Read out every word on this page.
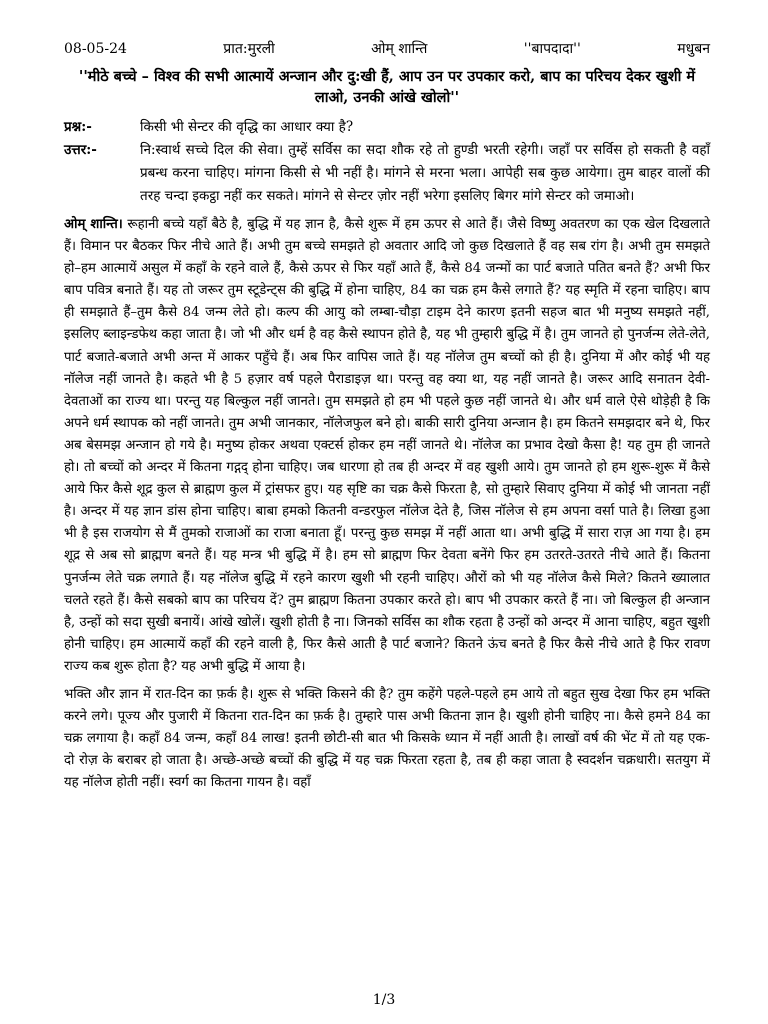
08-05-24	प्रात:मुरली	ओम् शान्ति	''बापदादा''	मधुबन
''मीठे बच्चे – विश्व की सभी आत्मायें अन्जान और दु:खी हैं, आप उन पर उपकार करो, बाप का परिचय देकर खुशी में लाओ, उनकी आंखे खोलो''
प्रश्न:-	किसी भी सेन्टर की वृद्धि का आधार क्या है?
उत्तर:-	नि:स्वार्थ सच्चे दिल की सेवा। तुम्हें सर्विस का सदा शौक रहे तो हुण्डी भरती रहेगी। जहाँ पर सर्विस हो सकती है वहाँ प्रबन्ध करना चाहिए। मांगना किसी से भी नहीं है। मांगने से मरना भला। आपेही सब कुछ आयेगा। तुम बाहर वालों की तरह चन्दा इकट्ठा नहीं कर सकते। मांगने से सेन्टर ज़ोर नहीं भरेगा इसलिए बिगर मांगे सेन्टर को जमाओ।
ओम् शान्ति। रूहानी बच्चे यहाँ बैठे है, बुद्धि में यह ज्ञान है, कैसे शुरू में हम ऊपर से आते हैं। जैसे विष्णु अवतरण का एक खेल दिखलाते हैं। विमान पर बैठकर फिर नीचे आते हैं। अभी तुम बच्चे समझते हो अवतार आदि जो कुछ दिखलाते हैं वह सब रांग है। अभी तुम समझते हो–हम आत्मायें असुल में कहाँ के रहने वाले हैं, कैसे ऊपर से फिर यहाँ आते हैं, कैसे 84 जन्मों का पार्ट बजाते पतित बनते हैं? अभी फिर बाप पवित्र बनाते हैं। यह तो जरूर तुम स्टूडेन्ट्स की बुद्धि में होना चाहिए, 84 का चक्र हम कैसे लगाते हैं? यह स्मृति में रहना चाहिए। बाप ही समझाते हैं–तुम कैसे 84 जन्म लेते हो। कल्प की आयु को लम्बा-चौड़ा टाइम देने कारण इतनी सहज बात भी मनुष्य समझते नहीं, इसलिए ब्लाइन्डफेथ कहा जाता है। जो भी और धर्म है वह कैसे स्थापन होते है, यह भी तुम्हारी बुद्धि में है। तुम जानते हो पुनर्जन्म लेते-लेते, पार्ट बजाते-बजाते अभी अन्त में आकर पहुँचे हैं। अब फिर वापिस जाते हैं। यह नॉलेज तुम बच्चों को ही है। दुनिया में और कोई भी यह नॉलेज नहीं जानते है। कहते भी है 5 हज़ार वर्ष पहले पैराडाइज़ था। परन्तु वह क्या था, यह नहीं जानते है। जरूर आदि सनातन देवी-देवताओं का राज्य था। परन्तु यह बिल्कुल नहीं जानते। तुम समझते हो हम भी पहले कुछ नहीं जानते थे। और धर्म वाले ऐसे थोड़ेही है कि अपने धर्म स्थापक को नहीं जानते। तुम अभी जानकार, नॉलेजफुल बने हो। बाकी सारी दुनिया अन्जान है। हम कितने समझदार बने थे, फिर अब बेसमझ अन्जान हो गये है। मनुष्य होकर अथवा एक्टर्स होकर हम नहीं जानते थे। नॉलेज का प्रभाव देखो कैसा है! यह तुम ही जानते हो। तो बच्चों को अन्दर में कितना गद्गद् होना चाहिए। जब धारणा हो तब ही अन्दर में वह खुशी आये। तुम जानते हो हम शुरू-शुरू में कैसे आये फिर कैसे शूद्र कुल से ब्राह्मण कुल में ट्रांसफर हुए। यह सृष्टि का चक्र कैसे फिरता है, सो तुम्हारे सिवाए दुनिया में कोई भी जानता नहीं है। अन्दर में यह ज्ञान डांस होना चाहिए। बाबा हमको कितनी वन्डरफुल नॉलेज देते है, जिस नॉलेज से हम अपना वर्सा पाते है। लिखा हुआ भी है इस राजयोग से मैं तुमको राजाओं का राजा बनाता हूँ। परन्तु कुछ समझ में नहीं आता था। अभी बुद्धि में सारा राज़ आ गया है। हम शूद्र से अब सो ब्राह्मण बनते हैं। यह मन्त्र भी बुद्धि में है। हम सो ब्राह्मण फिर देवता बनेंगे फिर हम उतरते-उतरते नीचे आते हैं। कितना पुनर्जन्म लेते चक्र लगाते हैं। यह नॉलेज बुद्धि में रहने कारण खुशी भी रहनी चाहिए। औरों को भी यह नॉलेज कैसे मिले? कितने ख्यालात चलते रहते हैं। कैसे सबको बाप का परिचय दें? तुम ब्राह्मण कितना उपकार करते हो। बाप भी उपकार करते हैं ना। जो बिल्कुल ही अन्जान है, उन्हों को सदा सुखी बनायें। आंखे खोलें। खुशी होती है ना। जिनको सर्विस का शौक रहता है उन्हों को अन्दर में आना चाहिए, बहुत खुशी होनी चाहिए। हम आत्मायें कहाँ की रहने वाली है, फिर कैसे आती है पार्ट बजाने? कितने ऊंच बनते है फिर कैसे नीचे आते है फिर रावण राज्य कब शुरू होता है? यह अभी बुद्धि में आया है।
भक्ति और ज्ञान में रात-दिन का फ़र्क है। शुरू से भक्ति किसने की है? तुम कहेंगे पहले-पहले हम आये तो बहुत सुख देखा फिर हम भक्ति करने लगे। पूज्य और पुजारी में कितना रात-दिन का फ़र्क है। तुम्हारे पास अभी कितना ज्ञान है। खुशी होनी चाहिए ना। कैसे हमने 84 का चक्र लगाया है। कहाँ 84 जन्म, कहाँ 84 लाख! इतनी छोटी-सी बात भी किसके ध्यान में नहीं आती है। लाखों वर्ष की भेंट में तो यह एक-दो रोज़ के बराबर हो जाता है। अच्छे-अच्छे बच्चों की बुद्धि में यह चक्र फिरता रहता है, तब ही कहा जाता है स्वदर्शन चक्रधारी। सतयुग में यह नॉलेज होती नहीं। स्वर्ग का कितना गायन है। वहाँ
1/3
